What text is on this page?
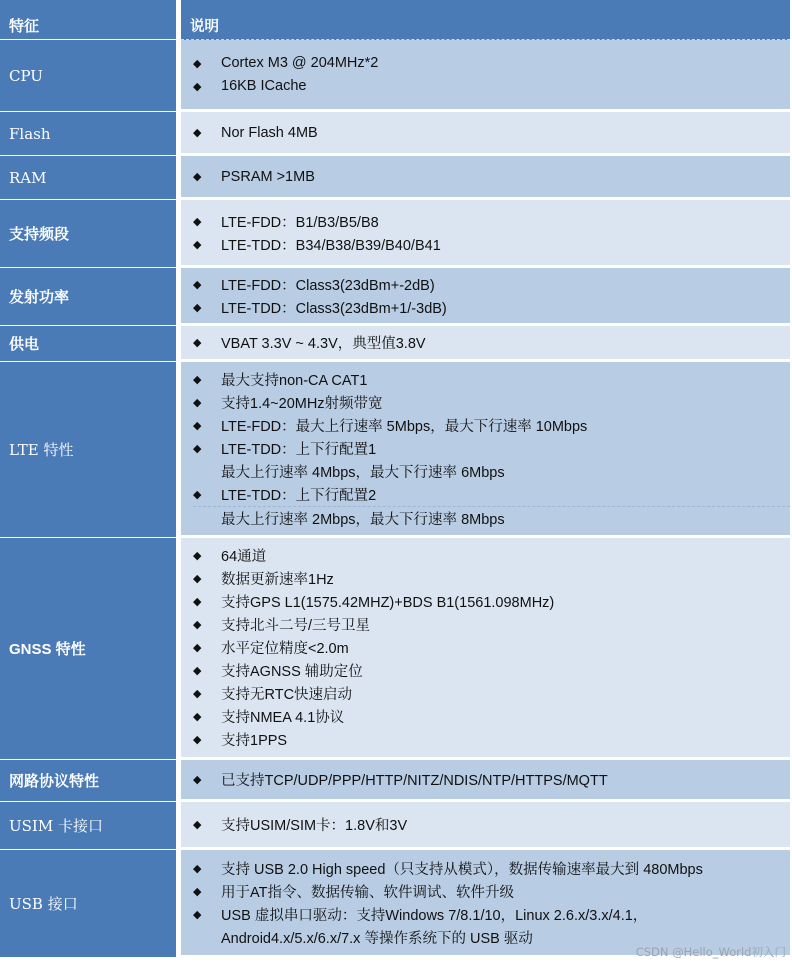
特征	说明
CPU
◆	Cortex M3 @ 204MHz*2
◆	16KB ICache
Flash	◆	Nor Flash 4MB
RAM	◆	PSRAM >1MB
支持频段
◆	LTE-FDD：B1/B3/B5/B8
◆	LTE-TDD：B34/B38/B39/B40/B41
发射功率
◆	LTE-FDD：Class3(23dBm+-2dB)
◆	LTE-TDD：Class3(23dBm+1/-3dB)
供电	◆	VBAT 3.3V ~ 4.3V，典型值3.8V
LTE 特性
◆	最大支持non-CA CAT1
◆	支持1.4~20MHz射频带宽
◆	LTE-FDD：最大上行速率 5Mbps，最大下行速率 10Mbps
◆	LTE-TDD：上下行配置1
最大上行速率 4Mbps，最大下行速率 6Mbps
◆	LTE-TDD：上下行配置2
最大上行速率 2Mbps，最大下行速率 8Mbps
GNSS 特性
◆	64通道
◆	数据更新速率1Hz
◆	支持GPS L1(1575.42MHZ)+BDS B1(1561.098MHz)
◆	支持北斗二号/三号卫星
◆	水平定位精度<2.0m
◆	支持AGNSS 辅助定位
◆	支持无RTC快速启动
◆	支持NMEA 4.1协议
◆	支持1PPS
网路协议特性	◆	已支持TCP/UDP/PPP/HTTP/NITZ/NDIS/NTP/HTTPS/MQTT
USIM 卡接口	◆	支持USIM/SIM卡：1.8V和3V
USB 接口
◆	支持 USB 2.0 High speed（只支持从模式），数据传输速率最大到 480Mbps
◆	用于AT指令、数据传输、软件调试、软件升级
◆	USB 虚拟串口驱动：支持Windows 7/8.1/10，Linux 2.6.x/3.x/4.1，
Android4.x/5.x/6.x/7.x 等操作系统下的 USB 驱动
CSDN @Hello_World初入门
